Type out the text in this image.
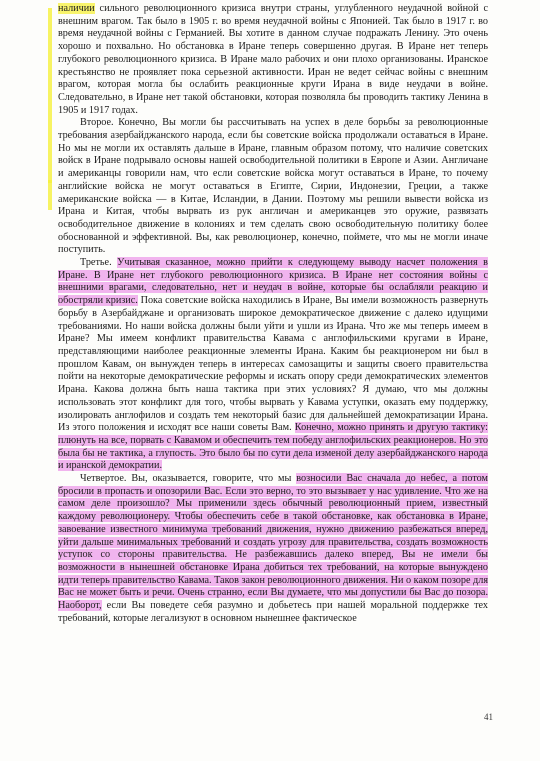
наличии сильного революционного кризиса внутри страны, углубленного неудачной войной с внешним врагом. Так было в 1905 г. во время неудачной войны с Японией. Так было в 1917 г. во время неудачной войны с Германией. Вы хотите в данном случае подражать Ленину. Это очень хорошо и похвально. Но обстановка в Иране теперь совершенно другая. В Иране нет теперь глубокого революционного кризиса. В Иране мало рабочих и они плохо организованы. Иранское крестьянство не проявляет пока серьезной активности. Иран не ведет сейчас войны с внешним врагом, которая могла бы ослабить реакционные круги Ирана в виде неудачи в войне. Следовательно, в Иране нет такой обстановки, которая позволяла бы проводить тактику Ленина в 1905 и 1917 годах.

Второе. Конечно, Вы могли бы рассчитывать на успех в деле борьбы за революционные требования азербайджанского народа, если бы советские войска продолжали оставаться в Иране. Но мы не могли их оставлять дальше в Иране, главным образом потому, что наличие советских войск в Иране подрывало основы нашей освободительной политики в Европе и Азии. Англичане и американцы говорили нам, что если советские войска могут оставаться в Иране, то почему английские войска не могут оставаться в Египте, Сирии, Индонезии, Греции, а также американские войска — в Китае, Исландии, в Дании. Поэтому мы решили вывести войска из Ирана и Китая, чтобы вырвать из рук англичан и американцев это оружие, развязать освободительное движение в колониях и тем сделать свою освободительную политику более обоснованной и эффективной. Вы, как революционер, конечно, поймете, что мы не могли иначе поступить.

Третье. Учитывая сказанное, можно прийти к следующему выводу насчет положения в Иране. В Иране нет глубокого революционного кризиса. В Иране нет состояния войны с внешними врагами, следовательно, нет и неудач в войне, которые бы ослабляли реакцию и обостряли кризис. Пока советские войска находились в Иране, Вы имели возможность развернуть борьбу в Азербайджане и организовать широкое демократическое движение с далеко идущими требованиями. Но наши войска должны были уйти и ушли из Ирана. Что же мы теперь имеем в Иране? Мы имеем конфликт правительства Кавама с англофильскими кругами в Иране, представляющими наиболее реакционные элементы Ирана. Каким бы реакционером ни был в прошлом Кавам, он вынужден теперь в интересах самозащиты и защиты своего правительства пойти на некоторые демократические реформы и искать опору среди демократических элементов Ирана. Какова должна быть наша тактика при этих условиях? Я думаю, что мы должны использовать этот конфликт для того, чтобы вырвать у Кавама уступки, оказать ему поддержку, изолировать англофилов и создать тем некоторый базис для дальнейшей демократизации Ирана. Из этого положения и исходят все наши советы Вам. Конечно, можно принять и другую тактику: плюнуть на все, порвать с Кавамом и обеспечить тем победу англофильских реакционеров. Но это была бы не тактика, а глупость. Это было бы по сути дела изменой делу азербайджанского народа и иранской демократии.

Четвертое. Вы, оказывается, говорите, что мы возносили Вас сначала до небес, а потом бросили в пропасть и опозорили Вас. Если это верно, то это вызывает у нас удивление. Что же на самом деле произошло? Мы применили здесь обычный революционный прием, известный каждому революционеру. Чтобы обеспечить себе в такой обстановке, как обстановка в Иране, завоевание известного минимума требований движения, нужно движению разбежаться вперед, уйти дальше минимальных требований и создать угрозу для правительства, создать возможность уступок со стороны правительства. Не разбежавшись далеко вперед, Вы не имели бы возможности в нынешней обстановке Ирана добиться тех требований, на которые вынуждено идти теперь правительство Кавама. Таков закон революционного движения. Ни о каком позоре для Вас не может быть и речи. Очень странно, если Вы думаете, что мы допустили бы Вас до позора. Наоборот, если Вы поведете себя разумно и добьетесь при нашей моральной поддержке тех требований, которые легализуют в основном нынешнее фактическое

41
